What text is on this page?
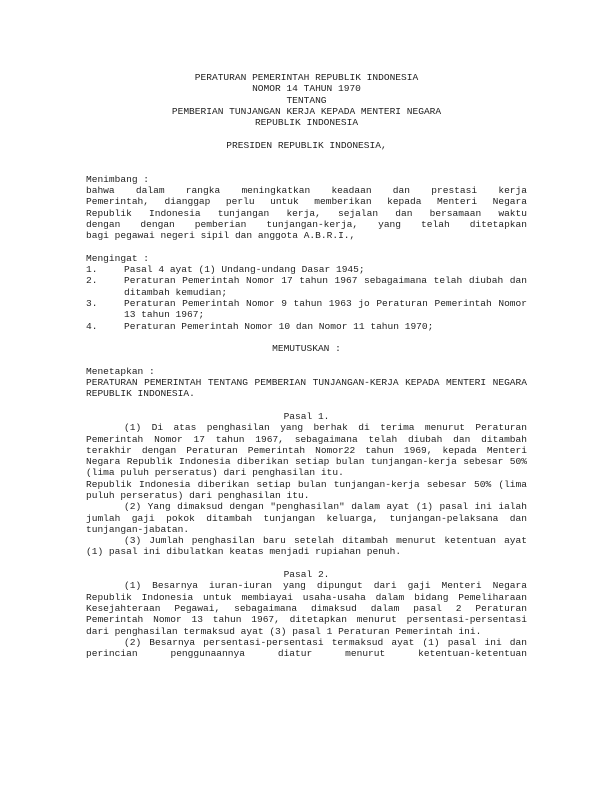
PERATURAN PEMERINTAH REPUBLIK INDONESIA

NOMOR 14 TAHUN 1970

TENTANG

PEMBERIAN TUNJANGAN KERJA KEPADA MENTERI NEGARA

REPUBLIK INDONESIA

PRESIDEN REPUBLIK INDONESIA,

Menimbang :

bahwa dalam rangka meningkatkan keadaan dan prestasi kerja

Pemerintah, dianggap perlu untuk memberikan kepada Menteri Negara

Republik Indonesia tunjangan kerja, sejalan dan bersamaan waktu

dengan dengan pemberian tunjangan-kerja, yang telah ditetapkan

bagi pegawai negeri sipil dan anggota A.B.R.I.,

Mengingat :

1.	Pasal 4 ayat (1) Undang-undang Dasar 1945;
2.	Peraturan Pemerintah Nomor 17 tahun 1967 sebagaimana telah diubah dan ditambah kemudian;
3.	Peraturan Pemerintah Nomor 9 tahun 1963 jo Peraturan Pemerintah Nomor 13 tahun 1967;
4.	Peraturan Pemerintah Nomor 10 dan Nomor 11 tahun 1970;

MEMUTUSKAN :

Menetapkan :

PERATURAN PEMERINTAH TENTANG PEMBERIAN TUNJANGAN-KERJA KEPADA MENTERI NEGARA REPUBLIK INDONESIA.

Pasal 1.

(1) Di atas penghasilan yang berhak di terima menurut Peraturan Pemerintah Nomor 17 tahun 1967, sebagaimana telah diubah dan ditambah terakhir dengan Peraturan Pemerintah Nomor22 tahun 1969, kepada Menteri Negara Republik Indonesia diberikan setiap bulan tunjangan-kerja sebesar 50% (lima puluh perseratus) dari penghasilan itu.

Republik Indonesia diberikan setiap bulan tunjangan-kerja sebesar 50% (lima puluh perseratus) dari penghasilan itu.

(2) Yang dimaksud dengan "penghasilan" dalam ayat (1) pasal ini ialah jumlah gaji pokok ditambah tunjangan keluarga, tunjangan-pelaksana dan tunjangan-jabatan.

(3) Jumlah penghasilan baru setelah ditambah menurut ketentuan ayat (1) pasal ini dibulatkan keatas menjadi rupiahan penuh.

Pasal 2.

(1) Besarnya iuran-iuran yang dipungut dari gaji Menteri Negara Republik Indonesia untuk membiayai usaha-usaha dalam bidang Pemeliharaan Kesejahteraan Pegawai, sebagaimana dimaksud dalam pasal 2 Peraturan Pemerintah Nomor 13 tahun 1967, ditetapkan menurut persentasi-persentasi dari penghasilan termaksud ayat (3) pasal 1 Peraturan Pemerintah ini.

(2) Besarnya persentasi-persentasi termaksud ayat (1) pasal ini dan perincian penggunaannya diatur menurut ketentuan-ketentuan
